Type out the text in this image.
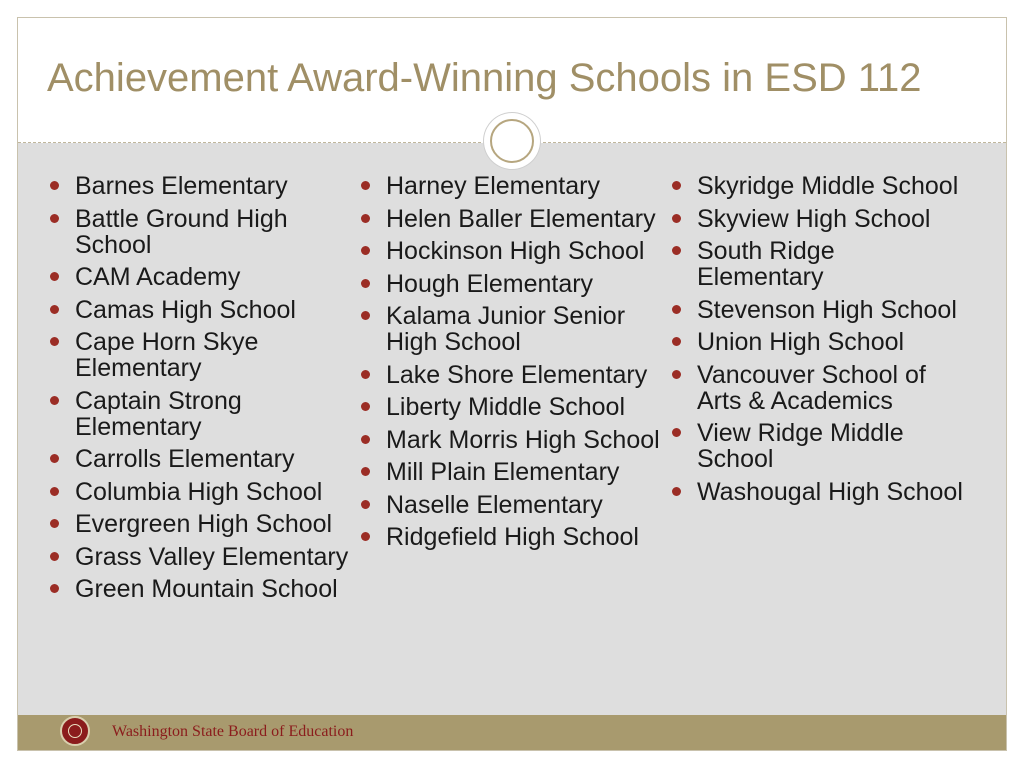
Achievement Award-Winning Schools in ESD 112
Barnes Elementary
Battle Ground High School
CAM Academy
Camas High School
Cape Horn Skye Elementary
Captain Strong Elementary
Carrolls Elementary
Columbia High School
Evergreen High School
Grass Valley Elementary
Green Mountain School
Harney Elementary
Helen Baller Elementary
Hockinson High School
Hough Elementary
Kalama Junior Senior High School
Lake Shore Elementary
Liberty Middle School
Mark Morris High School
Mill Plain Elementary
Naselle Elementary
Ridgefield High School
Skyridge Middle School
Skyview High School
South Ridge Elementary
Stevenson High School
Union High School
Vancouver School of Arts & Academics
View Ridge Middle School
Washougal High School
Washington State Board of Education
